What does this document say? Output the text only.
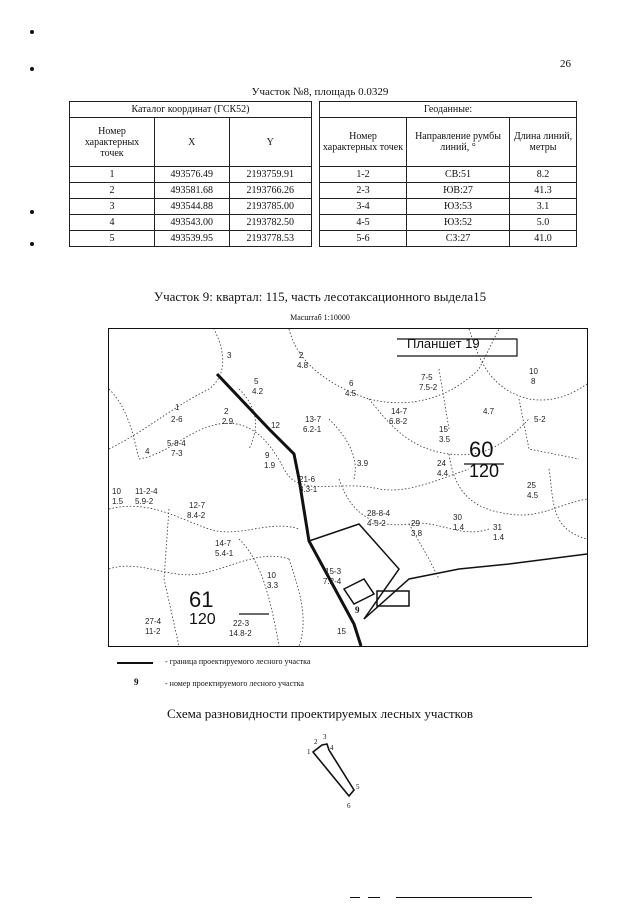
26
Участок №8, площадь 0.0329
Каталог координат (ГСК52)		
Номер характерных точек	X	Y
1	493576.49	2193759.91
2	493581.68	2193766.26
3	493544.88	2193785.00
4	493543.00	2193782.50
5	493539.95	2193778.53
Геоданные:		
Номер характерных точек	Направление румбы линий, °	Длина линий, метры
1-2	СВ:51	8.2
2-3	ЮВ:27	41.3
3-4	ЮЗ:53	3.1
4-5	ЮЗ:52	5.0
5-6	СЗ:27	41.0
Участок 9: квартал: 115, часть лесотаксационного выдела15
Масштаб 1:10000
Планшет 19
60
120
61
120
9
3	2
4.8
5
4.2
6
4.5
7-5
7.5-2
10
8
1
2-6
2
2.9	12
13-7
6.2-1
14-7
6.8-2
4.7
5-2
15
3.5
5-8-4
7-3
4	9
1.9
21-6
8.3-1
3.9	24
4.4
10
1.5
11-2-4
5.9-2
25
4.5
12-7
8.4-2	28-8-4
4-5-2	29
3.8
30
1.4	31
1.4
14-7
5.4-1
15-3
7.2-4
10
3.3
27-4
11-2
22-3
14.8-2	15
- граница проектируемого лесного участка
9	- номер проектируемого лесного участка
Схема разновидности проектируемых лесных участков
1
2
3
4
5
6
